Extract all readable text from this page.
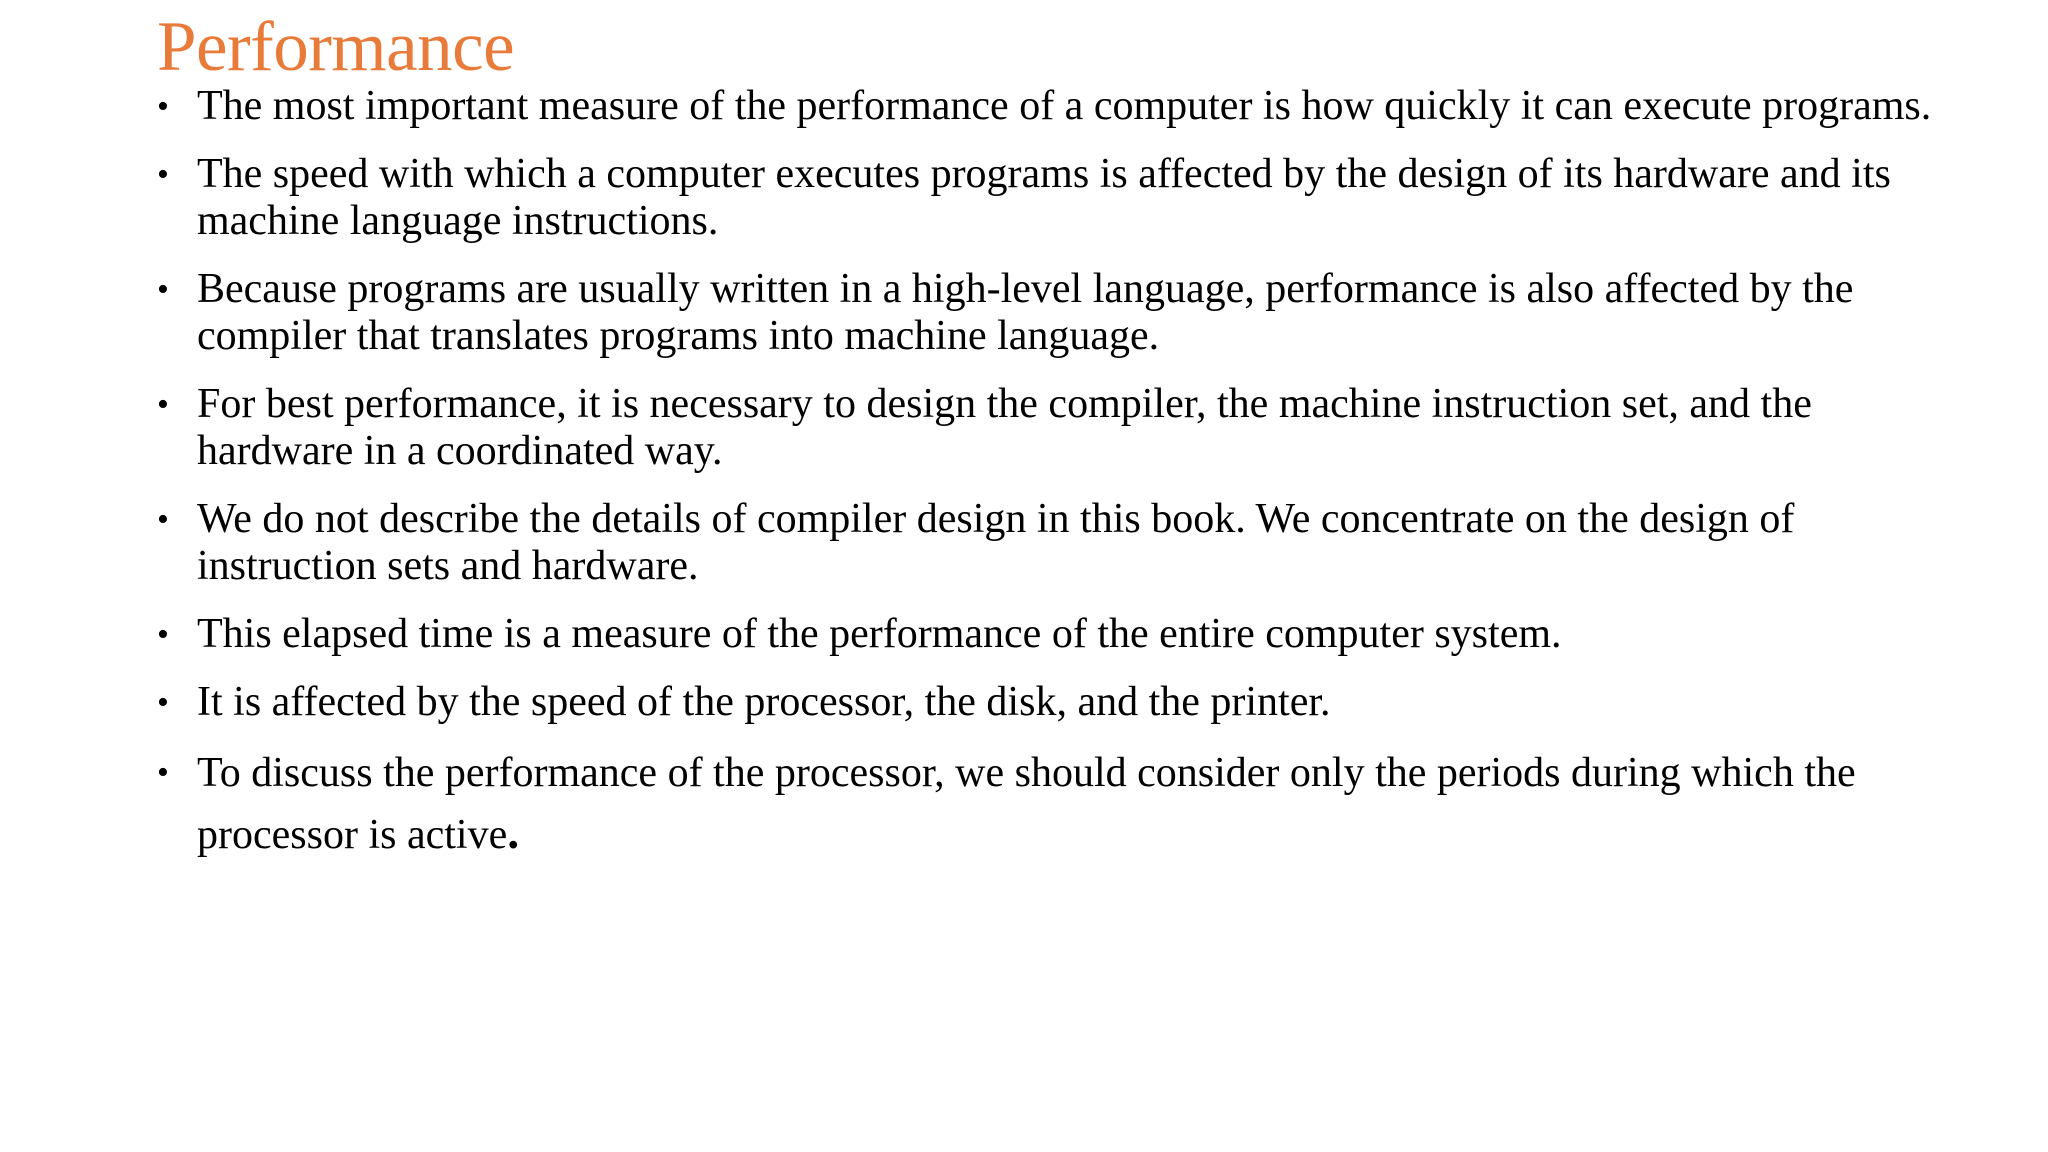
Performance
• The most important measure of the performance of a computer is how quickly it can execute programs.
• The speed with which a computer executes programs is affected by the design of its hardware and its machine language instructions.
• Because programs are usually written in a high-level language, performance is also affected by the compiler that translates programs into machine language.
• For best performance, it is necessary to design the compiler, the machine instruction set, and the hardware in a coordinated way.
• We do not describe the details of compiler design in this book. We concentrate on the design of instruction sets and hardware.
• This elapsed time is a measure of the performance of the entire computer system.
• It is affected by the speed of the processor, the disk, and the printer.
• To discuss the performance of the processor, we should consider only the periods during which the processor is active.
